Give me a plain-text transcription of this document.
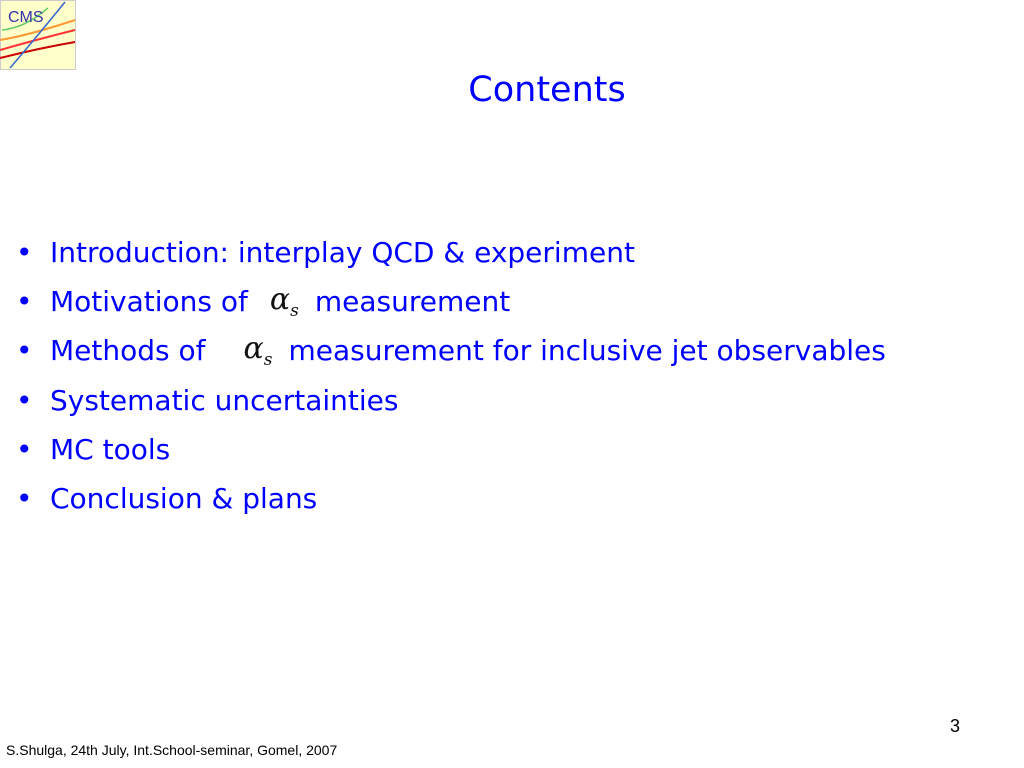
CMS
Contents
• Introduction: interplay QCD & experiment
• Motivations of $\alpha_s$ measurement
• Methods of $\alpha_s$ measurement for inclusive jet observables
• Systematic uncertainties
• MC tools
• Conclusion & plans
3
S.Shulga, 24th July, Int.School-seminar, Gomel, 2007
